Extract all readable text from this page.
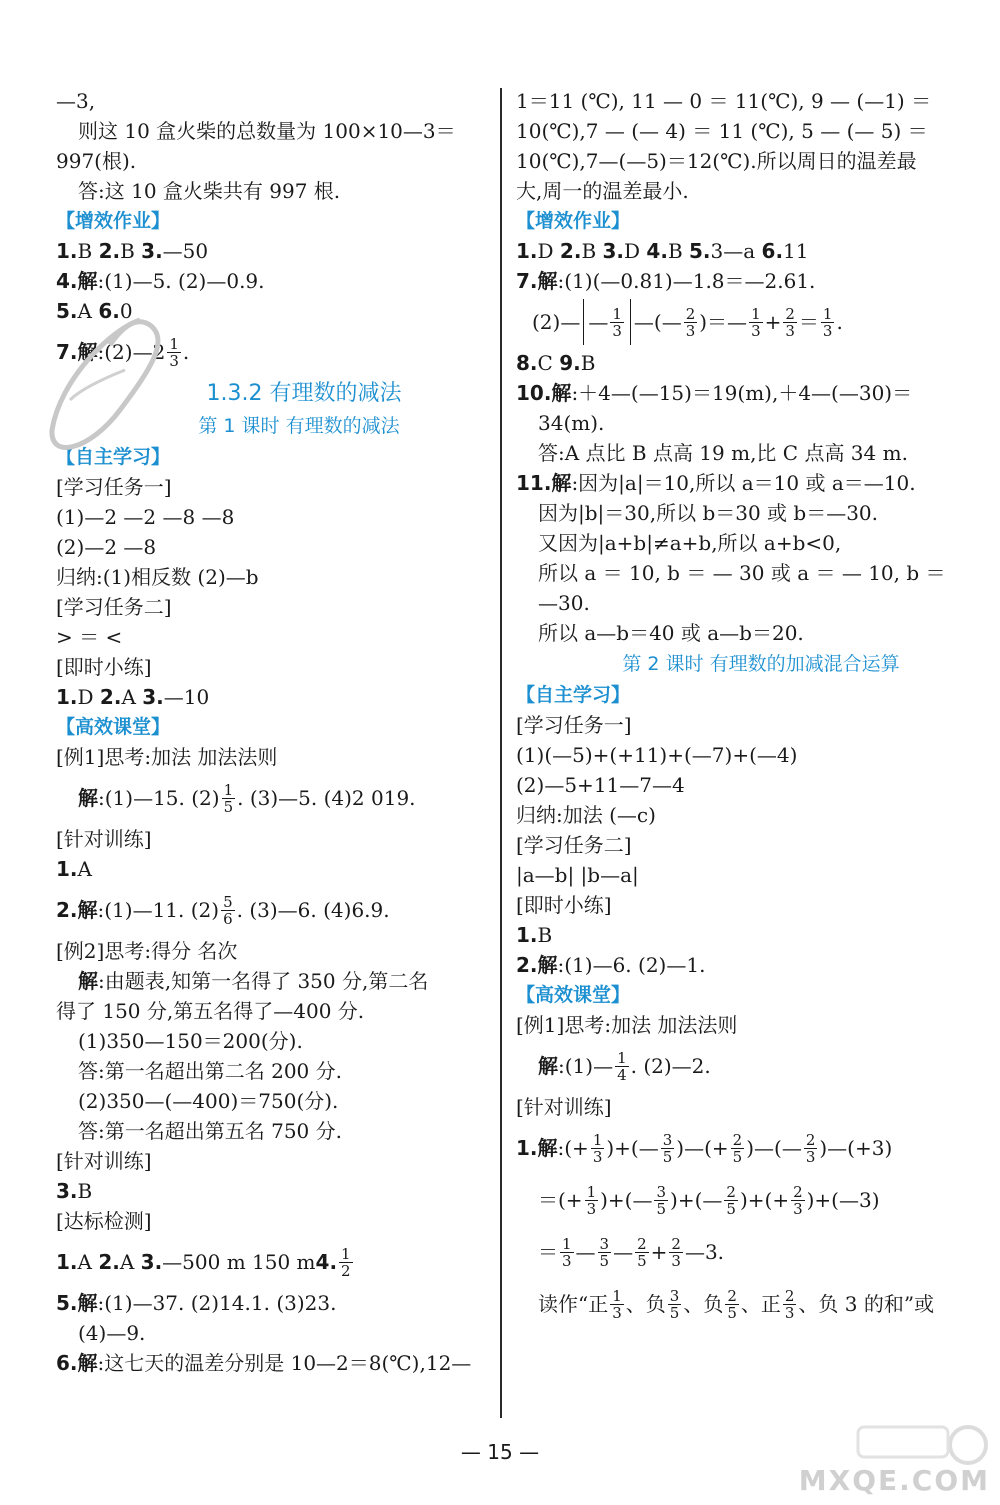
—3,
则这 10 盒火柴的总数量为 100×10—3＝
997(根).
答:这 10 盒火柴共有 997 根.
【增效作业】
1. B
2. B
3. —50
4.解 :(1)—5. (2)—0.9.
5. A
6. 0
7.解 :(2)—2 $\frac{1}{3}$ .
1.3.2 有理数的减法
第 1 课时 有理数的减法
【自主学习】
[学习任务一]
(1)—2 —2 —8 —8
(2)—2 —8
归纳:(1)相反数 (2)—b
[学习任务二]
> ＝ <
[即时小练]
1. D
2. A
3. —10
【高效课堂】
[例1]思考:加法 加法法则
解 :(1)—15. $(2) \frac{1}{5}$ . (3)—5. (4)2 019.
[针对训练]
1. A
2.解 :(1)—11. $(2) \frac{5}{6}$ . (3)—6. (4)6.9.
[例2]思考:得分 名次
解 :由题表,知第一名得了 350 分,第二名
得了 150 分,第五名得了—400 分.
(1)350—150＝200(分).
答:第一名超出第二名 200 分.
(2)350—(—400)＝750(分).
答:第一名超出第五名 750 分.
[针对训练]
3. B
[达标检测]
1. A
2. A
3. —500 m 150 m 4. $\frac{1}{2}$
5.解 :(1)—37. (2)14.1. (3)23.
(4)—9.
6.解 :这七天的温差分别是 10—2＝8(℃),12—
1＝11 (℃), 11 — 0 ＝ 11(℃), 9 — (—1) ＝
10(℃),7 — (— 4) ＝ 11 (℃), 5 — (— 5) ＝
10(℃),7—(—5)＝12(℃).所以周日的温差最
大,周一的温差最小.
【增效作业】
1. D
2. B
3. D
4. B
5. 3—a
6. 11
7.解 :(1)(—0.81)—1.8＝—2.61.
(2)— — $\frac{1}{3}$ —(— $\frac{2}{3}$ )＝— $\frac{1}{3} + \frac{2}{3} = \frac{1}{3}$ .
8. C
9. B
10.解 :＋4—(—15)＝19(m),＋4—(—30)＝
34(m).
答:A 点比 B 点高 19 m,比 C 点高 34 m.
11.解 :因为|a|＝10,所以 a＝10 或 a＝—10.
因为|b|＝30,所以 b＝30 或 b＝—30.
又因为|a+b|≠a+b,所以 a+b<0,
所以 a ＝ 10, b ＝ — 30 或 a ＝ — 10, b ＝
—30.
所以 a—b＝40 或 a—b＝20.
第 2 课时 有理数的加减混合运算
【自主学习】
[学习任务一]
(1)(—5)+(+11)+(—7)+(—4)
(2)—5+11—7—4
归纳:加法 (—c)
[学习任务二]
|a—b| |b—a|
[即时小练]
1. B
2.解 :(1)—6. (2)—1.
【高效课堂】
[例1]思考:加法 加法法则
解 :(1)— $\frac{1}{4}$ . (2)—2.
[针对训练]
1.解 :(+ $\frac{1}{3}$ )+(— $\frac{3}{5}$ )—(+ $\frac{2}{5}$ )—(— $\frac{2}{3}$ )—(+3)
＝(+ $\frac{1}{3}$ )+(— $\frac{3}{5}$ )+(— $\frac{2}{5}$ )+(+ $\frac{2}{3}$ )+(—3)
＝ $\frac{1}{3}$ — $\frac{3}{5}$ — $\frac{2}{5} + \frac{2}{3}$ —3.
读作“正 $\frac{1}{3}$ 、负 $\frac{3}{5}$ 、负 $\frac{2}{5}$ 、正 $\frac{2}{3}$ 、负 3 的和”或
— 15 —
MXQE.COM
